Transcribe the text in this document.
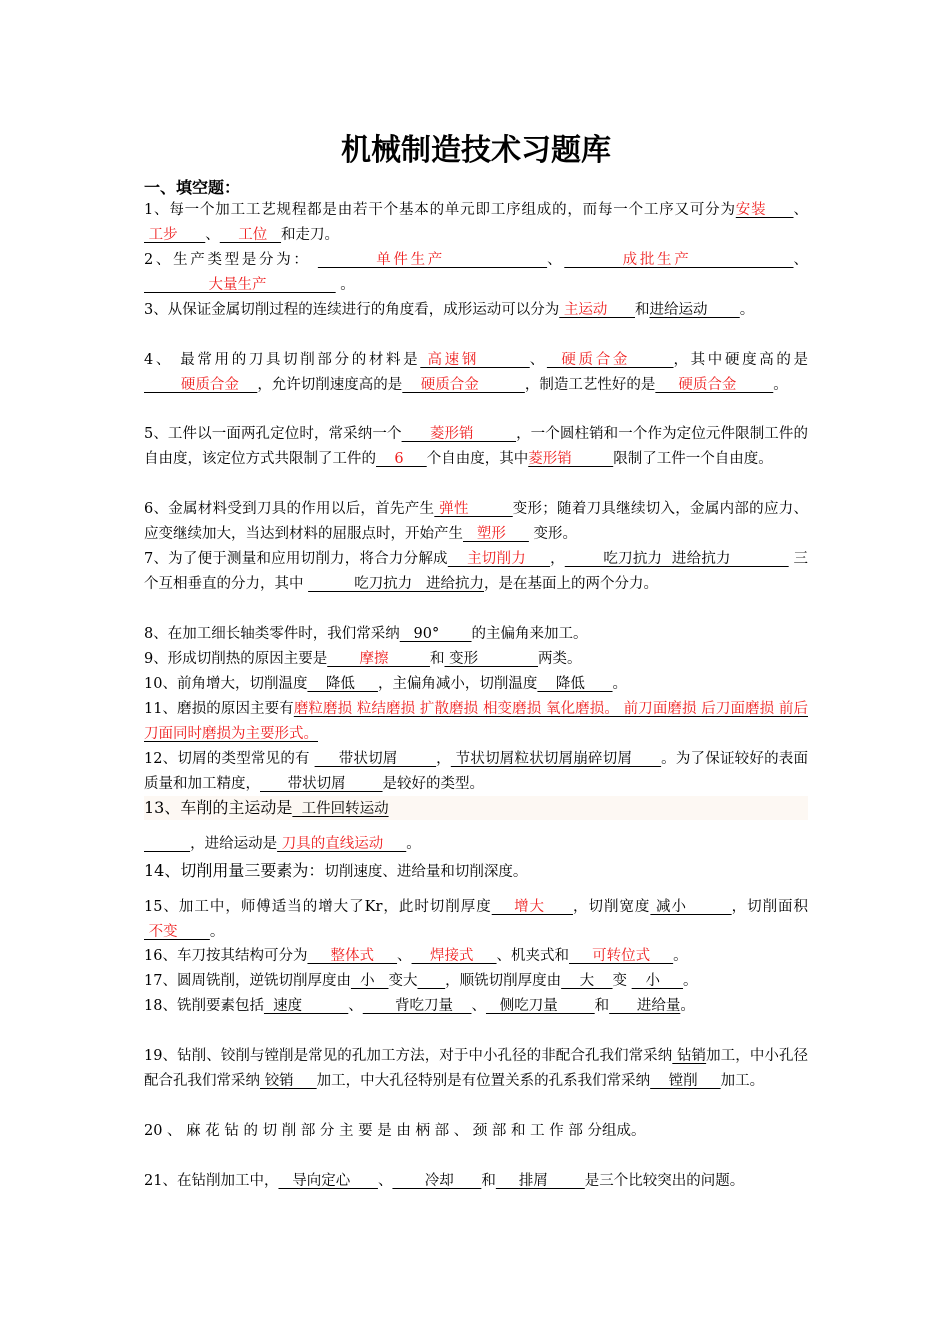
机械制造技术习题库
一、填空题：

1、每一个加工工艺规程都是由若干个基本的单元即工序组成的，而每一个工序又可分为安装     、 工步      、    工位   和走刀。

2、生产类型是分为：         单件生产              、        成批生产              、              大量生产                。

3、从保证金属切削过程的连续进行的角度看，成形运动可以分为 主运动      和进给运动       。

4、 最常用的刀具切削部分的材料是 高速钢       、  硬质合金      ，其中硬度高的是        硬质合金    ，允许切削速度高的是    硬质合金          ，制造工艺性好的是     硬质合金        。

5、工件以一面两孔定位时，常采纳一个      菱形销         ，一个圆柱销和一个作为定位元件限制工件的自由度，该定位方式共限制了工件的    6     个自由度，其中菱形销         限制了工件一个自由度。

6、金属材料受到刀具的作用以后，首先产生 弹性         变形；随着刀具继续切入，金属内部的应力、应变继续加大，当达到材料的屈服点时，开始产生   塑形      变形。

7、为了便于测量和应用切削力，将合力分解成    主切削力     ，        吃刀抗力  进给抗力             三个互相垂直的分力，其中           吃刀抗力   进给抗力，是在基面上的两个分力。

8、在加工细长轴类零件时，我们常采纳   90°       的主偏角来加工。

9、形成切削热的原因主要是       摩擦         和 变形             两类。

10、前角增大，切削温度    降低     ，主偏角减小，切削温度    降低      。

11、磨损的原因主要有磨粒磨损 粒结磨损 扩散磨损 相变磨损 氧化磨损。 前刀面磨损 后刀面磨损 前后刀面同时磨损为主要形式。

12、切屑的类型常见的有      带状切屑        ， 节状切屑粒状切屑崩碎切屑      。为了保证较好的表面质量和加工精度，      带状切屑        是较好的类型。

13、车削的主运动是  工件回转运动

，进给运动是 刀具的直线运动     。

14、切削用量三要素为：切削速度、进给量和切削深度。

15、加工中，师傅适当的增大了Kr，此时切削厚度    增大     ，切削宽度 减小        ，切削面积 不变       。

16、车刀按其结构可分为     整体式     、    焊接式     、机夹式和     可转位式     。

17、圆周铣削，逆铣切削厚度由  小   变大 ，顺铣切削厚度由    大    变    小     。

18、铣削要素包括  速度          、       背吃刀量    、   侧吃刀量        和      进给量。

19、钻削、铰削与镗削是常见的孔加工方法，对于中小孔径的非配合孔我们常采纳 钻销加工，中小孔径配合孔我们常采纳 铰销     加工，中大孔径特别是有位置关系的孔系我们常采纳    镗削     加工。

20 、 麻 花 钻 的 切 削 部 分 主 要 是 由 柄 部 、 颈 部 和 工 作 部 分组成。

21、在钻削加工中，   导向定心      、       冷却      和     排屑        是三个比较突出的问题。
